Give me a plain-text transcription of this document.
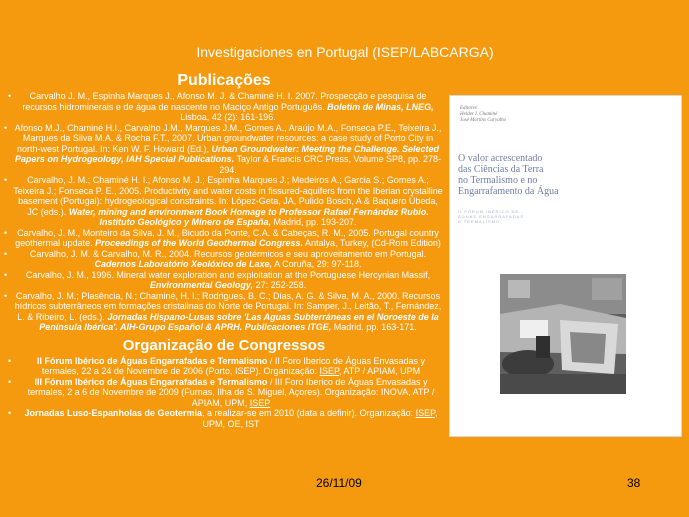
Investigaciones en Portugal (ISEP/LABCARGA)
Publicações
• Carvalho J. M., Espinha Marques J., Afonso M. J. & Chaminé H. I. 2007. Prospecção e pesquisa de recursos hidrominerais e de água de nascente no Maciço Antigo Português. Boletim de Minas, LNEG, Lisboa, 42 (2): 161-196.
• Afonso M.J., Chaminé H.I., Carvalho J.M., Marques J.M., Gomes A., Araújo M.A., Fonseca P.E., Teixeira J., Marques da Silva M.A. & Rocha F.T., 2007. Urban groundwater resources: a case study of Porto City in north-west Portugal. In: Ken W. F. Howard (Ed.), Urban Groundwater: Meeting the Challenge. Selected Papers on Hydrogeology, IAH Special Publications. Taylor & Francis CRC Press, Volume SP8, pp. 278-294.
• Carvalho, J. M.; Chaminé H. I.; Afonso M. J.; Espinha Marques J.; Medeiros A.; Garcia S.; Gomes A.; Teixeira J.; Fonseca P. E., 2005. Productivity and water costs in fissured-aquifers from the Iberian crystalline basement (Portugal): hydrogeological constraints. In: López-Geta, JA, Pulido Bosch, A & Baquero Úbeda, JC (eds.). Water, mining and environment Book Homage to Professor Rafael Fernández Rubio. Instituto Geológico y Minero de España, Madrid, pp. 193-207.
• Carvalho, J. M., Monteiro da Silva, J. M., Bicudo da Ponte, C.A. & Cabeças, R. M., 2005. Portugal country geothermal update. Proceedings of the World Geothermal Congress. Antalya, Turkey, (Cd-Rom Edition)
• Carvalho, J. M. & Carvalho, M. R., 2004. Recursos geotérmicos e seu aproveitamento em Portugal. Cadernos Laboratório Xeolóxico de Laxe, A Coruña, 29: 97-118.
• Carvalho, J. M., 1996. Mineral water exploration and exploitation at the Portuguese Hercynian Massif, Environmental Geology, 27: 252-258.
• Carvalho, J. M.; Plasência, N.; Chaminé, H. I.; Rodrigues, B. C.; Dias, A. G. & Silva, M. A., 2000. Recursos hídricos subterrâneos em formações cristalinas do Norte de Portugal. In: Samper, J., Leitão, T., Fernández, L. & Ribeiro, L. (eds.). Jornadas Hispano-Lusas sobre 'Las Aguas Subterráneas en el Noroeste de la Península Ibérica'. AIH-Grupo Español & APRH. Publicaciones ITGE, Madrid. pp. 163-171.
Organização de Congressos
• II Fórum Ibérico de Águas Engarrafadas e Termalismo / II Foro Iberico de Águas Envasadas y termales, 22 a 24 de Novembre de 2006 (Porto, ISEP). Organização: ISEP, ATP / APIAM, UPM
• III Fórum Ibérico de Águas Engarrafadas e Termalismo / III Foro Iberico de Águas Envasadas y termales, 2 a 6 de Novembre de 2009 (Furnas, Ilha de S. Miguel, Açores). Organização: INOVA, ATP / APIAM, UPM, ISEP
• Jornadas Luso-Espanholas de Geotermia, a realizar-se em 2010 (data a definir). Organização: ISEP, UPM, OE, IST
Editores
Helder I. Chaminé
José Martins Carvalho
O valor acrescentado
das Ciências da Terra
no Termalismo e no
Engarrafamento da Água
II FÓRUM IBÉRICO DE
ÁGUAS ENGARRAFADAS
E TERMALISMO
26/11/09	38
